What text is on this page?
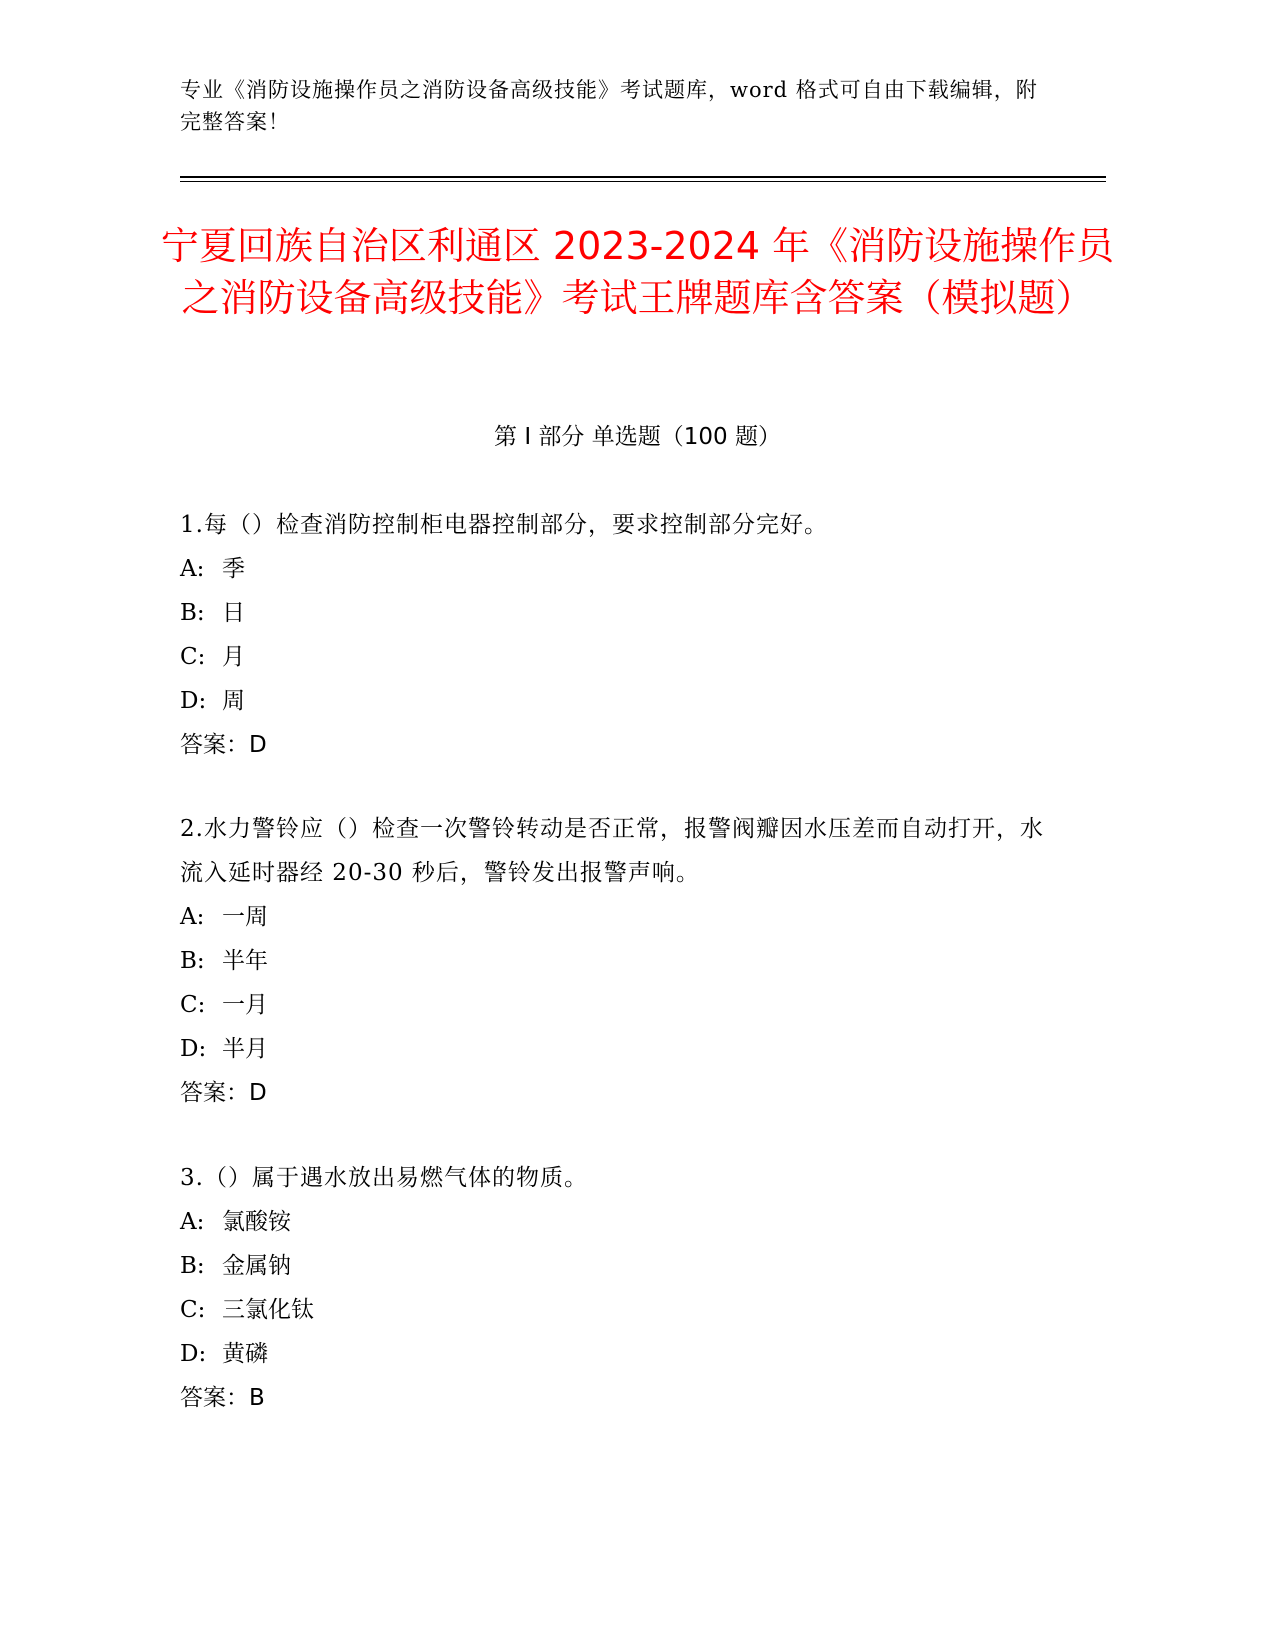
专业《消防设施操作员之消防设备高级技能》考试题库，word 格式可自由下载编辑，附完整答案！
宁夏回族自治区利通区 2023-2024 年《消防设施操作员之消防设备高级技能》考试王牌题库含答案（模拟题）
第 I 部分 单选题（100 题）

1.每（）检查消防控制柜电器控制部分，要求控制部分完好。

A: 季

B: 日

C: 月

D: 周

答案：D

2.水力警铃应（）检查一次警铃转动是否正常，报警阀瓣因水压差而自动打开，水流入延时器经 20-30 秒后，警铃发出报警声响。

A: 一周

B: 半年

C: 一月

D: 半月

答案：D

3.（）属于遇水放出易燃气体的物质。

A: 氯酸铵

B: 金属钠

C: 三氯化钛

D: 黄磷

答案：B
